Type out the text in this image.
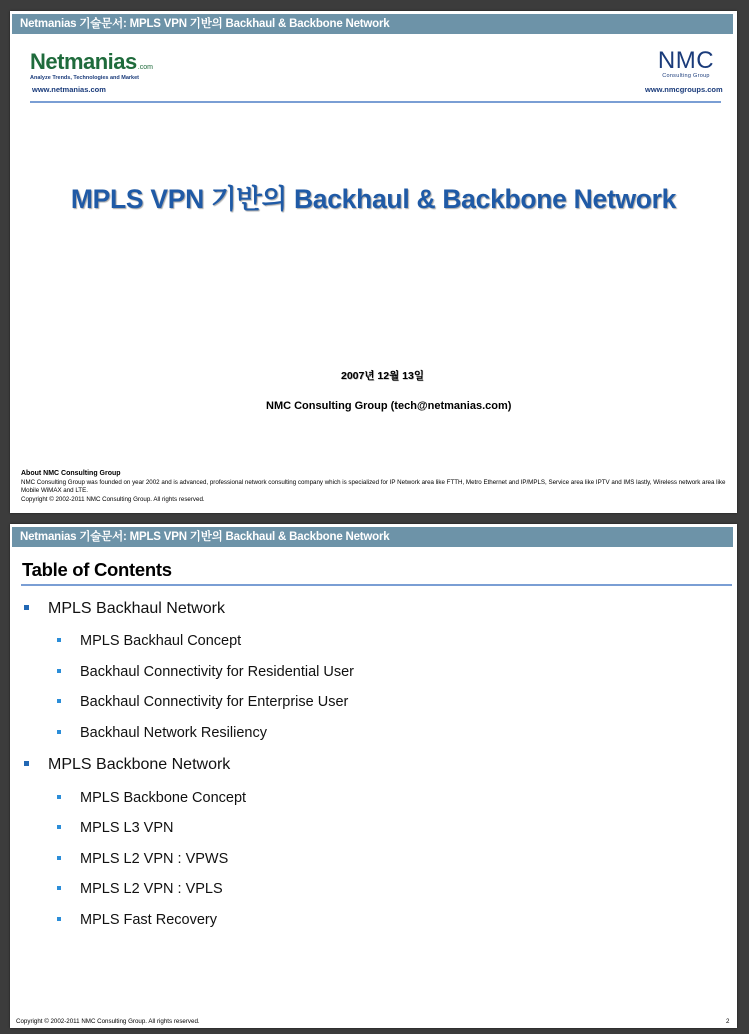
Netmanias 기술문서: MPLS VPN 기반의 Backhaul & Backbone Network
Netmanias.com
Analyze Trends, Technologies and Market
www.netmanias.com
NMC
Consulting Group
www.nmcgroups.com
MPLS VPN 기반의 Backhaul & Backbone Network
2007년 12월 13일
NMC Consulting Group (tech@netmanias.com)
About NMC Consulting Group
NMC Consulting Group was founded on year 2002 and is advanced, professional network consulting company which is specialized for IP Network area like FTTH, Metro Ethernet and IP/MPLS, Service area like IPTV and IMS lastly, Wireless network area like Mobile WiMAX and LTE.
Copyright © 2002-2011 NMC Consulting Group. All rights reserved.
Netmanias 기술문서: MPLS VPN 기반의 Backhaul & Backbone Network
Table of Contents
MPLS Backhaul Network
MPLS Backhaul Concept
Backhaul Connectivity for Residential User
Backhaul Connectivity for Enterprise User
Backhaul Network Resiliency
MPLS Backbone Network
MPLS Backbone Concept
MPLS L3 VPN
MPLS L2 VPN : VPWS
MPLS L2 VPN : VPLS
MPLS Fast Recovery
Copyright © 2002-2011 NMC Consulting Group. All rights reserved.	2
